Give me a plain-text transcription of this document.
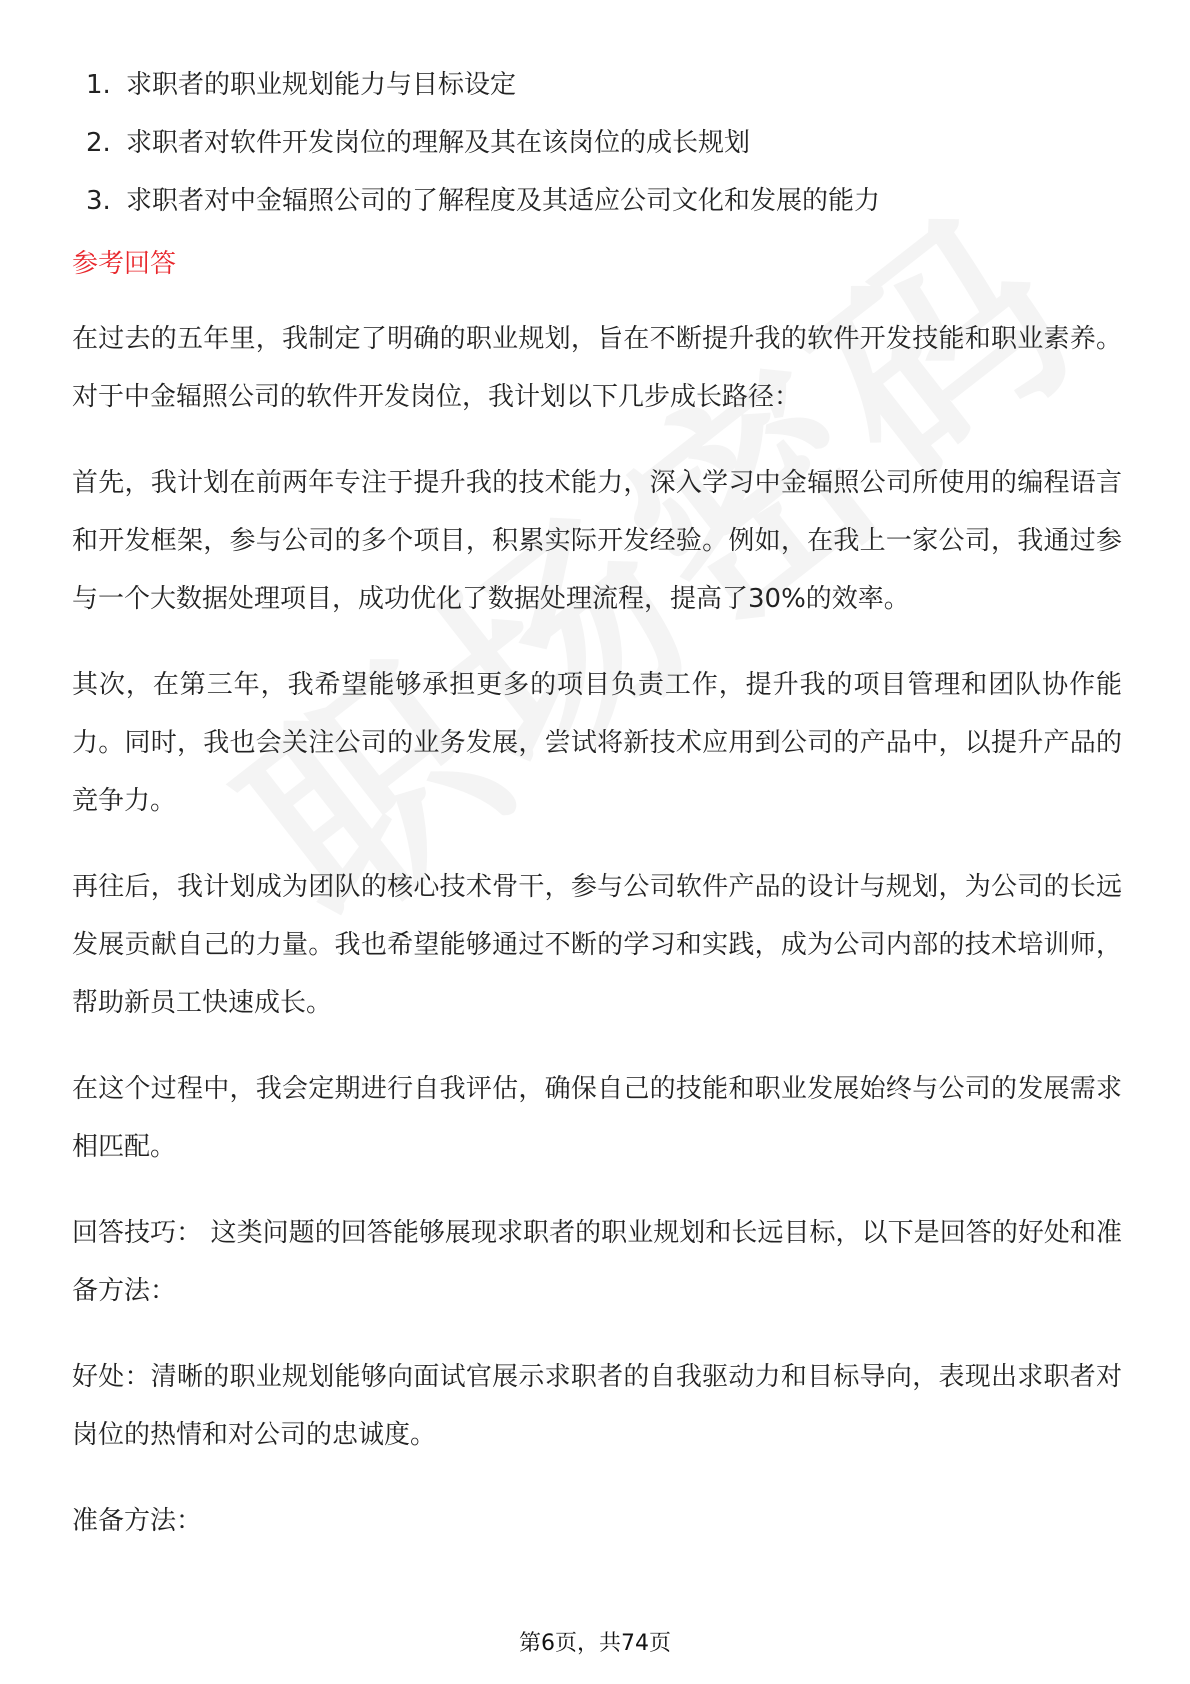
1. 求职者的职业规划能力与目标设定
2. 求职者对软件开发岗位的理解及其在该岗位的成长规划
3. 求职者对中金辐照公司的了解程度及其适应公司文化和发展的能力
参考回答

在过去的五年里，我制定了明确的职业规划，旨在不断提升我的软件开发技能和职业素养。对于中金辐照公司的软件开发岗位，我计划以下几步成长路径：

首先，我计划在前两年专注于提升我的技术能力，深入学习中金辐照公司所使用的编程语言和开发框架，参与公司的多个项目，积累实际开发经验。例如，在我上一家公司，我通过参与一个大数据处理项目，成功优化了数据处理流程，提高了30%的效率。

其次，在第三年，我希望能够承担更多的项目负责工作，提升我的项目管理和团队协作能力。同时，我也会关注公司的业务发展，尝试将新技术应用到公司的产品中，以提升产品的竞争力。

再往后，我计划成为团队的核心技术骨干，参与公司软件产品的设计与规划，为公司的长远发展贡献自己的力量。我也希望能够通过不断的学习和实践，成为公司内部的技术培训师，帮助新员工快速成长。

在这个过程中，我会定期进行自我评估，确保自己的技能和职业发展始终与公司的发展需求相匹配。

回答技巧： 这类问题的回答能够展现求职者的职业规划和长远目标，以下是回答的好处和准备方法：

好处：清晰的职业规划能够向面试官展示求职者的自我驱动力和目标导向，表现出求职者对岗位的热情和对公司的忠诚度。

准备方法：

第6页，共74页
